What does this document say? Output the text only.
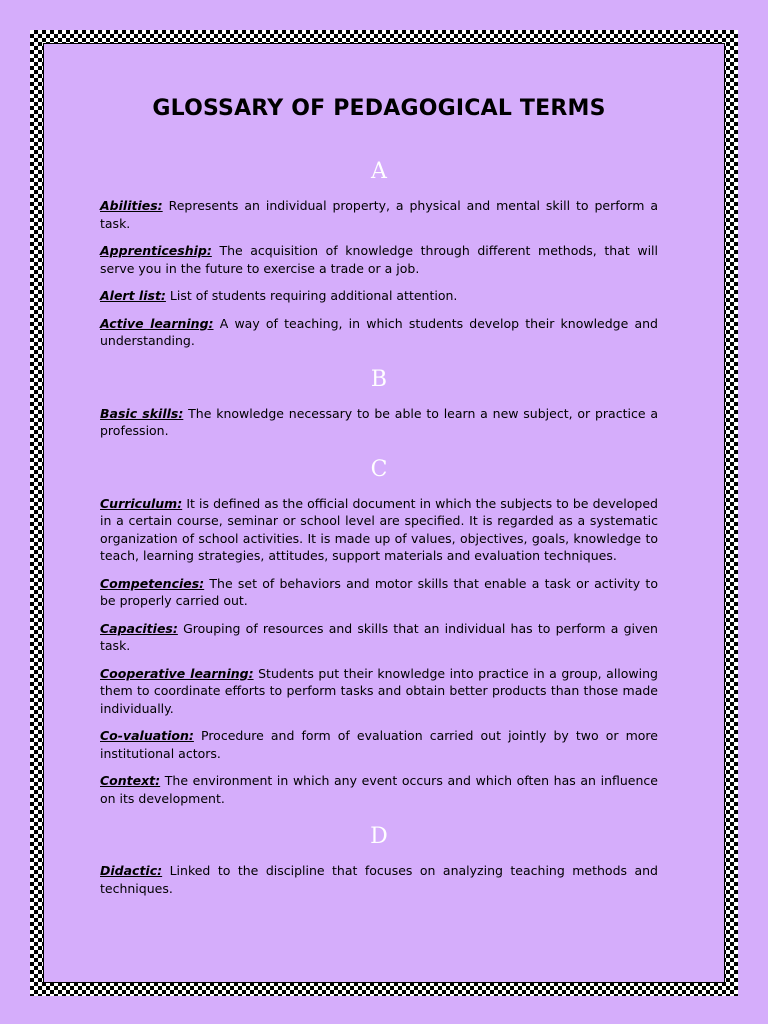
GLOSSARY OF PEDAGOGICAL TERMS
A

Abilities: Represents an individual property, a physical and mental skill to perform a task.

Apprenticeship: The acquisition of knowledge through different methods, that will serve you in the future to exercise a trade or a job.

Alert list: List of students requiring additional attention.

Active learning: A way of teaching, in which students develop their knowledge and understanding.

B

Basic skills: The knowledge necessary to be able to learn a new subject, or practice a profession.

C

Curriculum: It is defined as the official document in which the subjects to be developed in a certain course, seminar or school level are specified. It is regarded as a systematic organization of school activities. It is made up of values, objectives, goals, knowledge to teach, learning strategies, attitudes, support materials and evaluation techniques.

Competencies: The set of behaviors and motor skills that enable a task or activity to be properly carried out.

Capacities: Grouping of resources and skills that an individual has to perform a given task.

Cooperative learning: Students put their knowledge into practice in a group, allowing them to coordinate efforts to perform tasks and obtain better products than those made individually.

Co-valuation: Procedure and form of evaluation carried out jointly by two or more institutional actors.

Context: The environment in which any event occurs and which often has an influence on its development.

D

Didactic: Linked to the discipline that focuses on analyzing teaching methods and techniques.
